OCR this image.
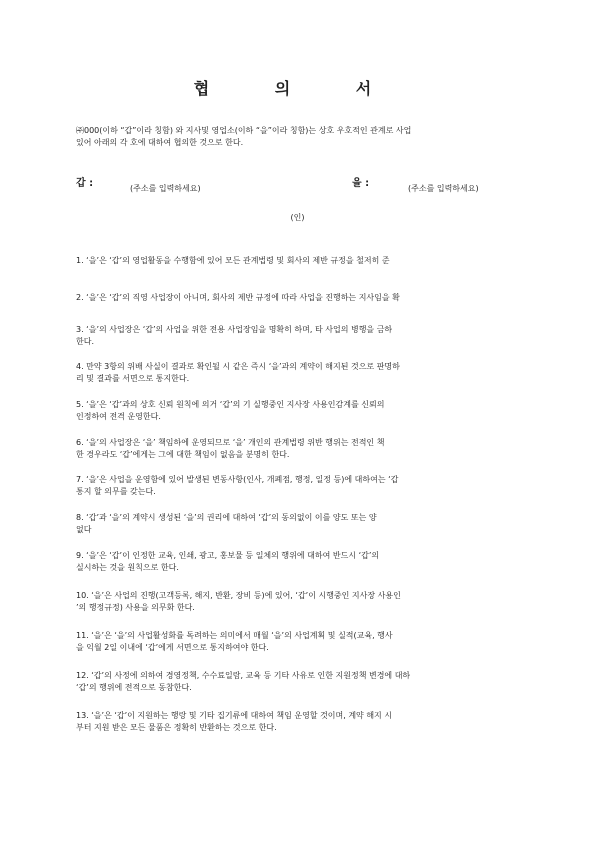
협 의 서
㈜000(이하 “갑”이라 칭함) 와 지사및 영업소(이하 “을”이라 칭함)는 상호 우호적인 관계로 사업
있어 아래의 각 호에 대하여 협의한 것으로 한다.
갑 :	(주소를 입력하세요)	을 :	(주소를 입력하세요)
(인)
1. ‘을’은 ‘갑’의 영업활동을 수행함에 있어 모든 관계법령 및 회사의 제반 규정을 철저히 준
2. ‘을’은 ‘갑’의 직영 사업장이 아니며, 회사의 제반 규정에 따라 사업을 진행하는 지사임을 확
3. ‘을’의 사업장은 ‘갑’의 사업을 위한 전용 사업장임을 명확히 하며, 타 사업의 병행을 금하
한다.
4. 만약 3항의 위배 사실이 결과로 확인될 시 같은 즉시 ‘을’과의 계약이 해지된 것으로 판명하
리 및 결과를 서면으로 통지한다.
5. ‘을’은 ‘갑’과의 상호 신뢰 원칙에 의거 ‘갑’의 기 실행중인 지사장 사용인감계를 신뢰의
인정하여 전격 운영한다.
6. ‘을’의 사업장은 ‘을’ 책임하에 운영되므로 ‘을’ 개인의 관계법령 위반 행위는 전적인 책
한 경우라도 ‘갑’에게는 그에 대한 책임이 없음을 분명히 한다.
7. ‘을’은 사업을 운영함에 있어 발생된 변동사항(인사, 개폐점, 행정, 일정 등)에 대하여는 ‘갑
통지 할 의무를 갖는다.
8. ‘갑’과 ‘을’의 계약시 생성된 ‘을’의 권리에 대하여 ‘갑’의 동의없이 이를 양도 또는 양
없다
9. ‘을’은 ‘갑’이 인정한 교육, 인쇄, 광고, 홍보물 등 일체의 행위에 대하여 반드시 ‘갑’의
실시하는 것을 원칙으로 한다.
10. ‘을’은 사업의 진행(고객등록, 해지, 반환, 장비 등)에 있어, ‘갑’이 시행중인 지사장 사용인
’의 행정규정) 사용을 의무화 한다.
11. ‘을’은 ‘을’의 사업활성화를 독려하는 의미에서 매월 ‘을’의 사업계획 및 실적(교육, 행사
을 익월 2일 이내에 ‘갑’에게 서면으로 통지하여야 한다.
12. ‘갑’의 사정에 의하여 경영정책, 수수료일람, 교육 등 기타 사유로 인한 지원정책 변경에 대하
‘갑’의 행위에 전적으로 동참한다.
13. ‘을’은 ‘갑’이 지원하는 행랑 및 기타 집기류에 대하여 책임 운영할 것이며, 계약 해지 시
부터 지원 받은 모든 물품은 정확히 반환하는 것으로 한다.
